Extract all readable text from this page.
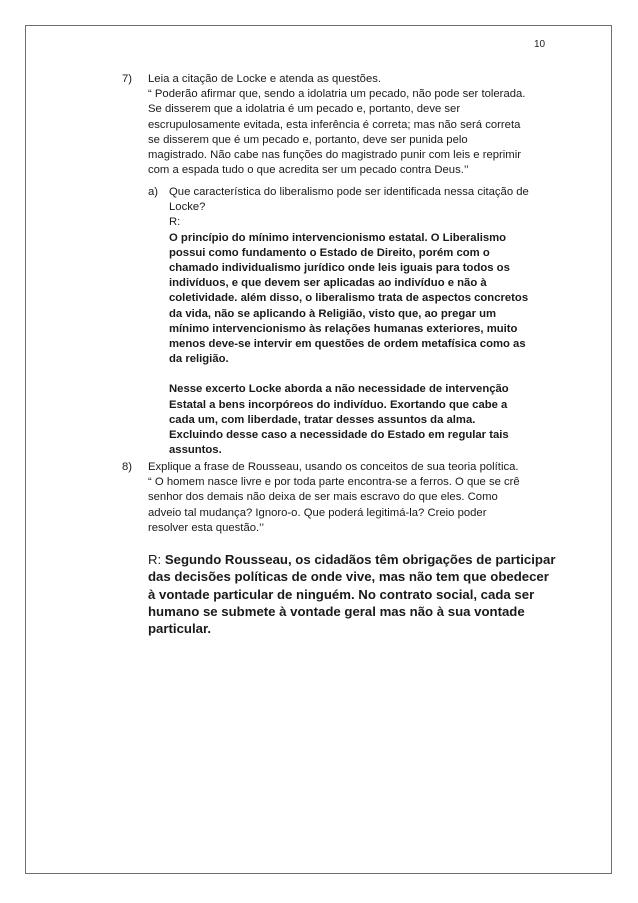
10
7) Leia a citação de Locke e atenda as questões.
“ Poderão afirmar que, sendo a idolatria um pecado, não pode ser tolerada.
Se disserem que a idolatria é um pecado e, portanto, deve ser
escrupulosamente evitada, esta inferência é correta; mas não será correta
se disserem que é um pecado e, portanto, deve ser punida pelo
magistrado. Não cabe nas funções do magistrado punir com leis e reprimir
com a espada tudo o que acredita ser um pecado contra Deus.’’
a) Que característica do liberalismo pode ser identificada nessa citação de
Locke?
R:
O princípio do mínimo intervencionismo estatal. O Liberalismo
possui como fundamento o Estado de Direito, porém com o
chamado individualismo jurídico onde leis iguais para todos os
indivíduos, e que devem ser aplicadas ao indivíduo e não à
coletividade. além disso, o liberalismo trata de aspectos concretos
da vida, não se aplicando à Religião, visto que, ao pregar um
mínimo intervencionismo às relações humanas exteriores, muito
menos deve-se intervir em questões de ordem metafísica como as
da religião.
Nesse excerto Locke aborda a não necessidade de intervenção
Estatal a bens incorpóreos do indivíduo. Exortando que cabe a
cada um, com liberdade, tratar desses assuntos da alma.
Excluindo desse caso a necessidade do Estado em regular tais
assuntos.
8) Explique a frase de Rousseau, usando os conceitos de sua teoria política.
“ O homem nasce livre e por toda parte encontra-se a ferros. O que se crê
senhor dos demais não deixa de ser mais escravo do que eles. Como
adveio tal mudança? Ignoro-o. Que poderá legitimá-la? Creio poder
resolver esta questão.’’
R: Segundo Rousseau, os cidadãos têm obrigações de participar
das decisões políticas de onde vive, mas não tem que obedecer
à vontade particular de ninguém. No contrato social, cada ser
humano se submete à vontade geral mas não à sua vontade
particular.
